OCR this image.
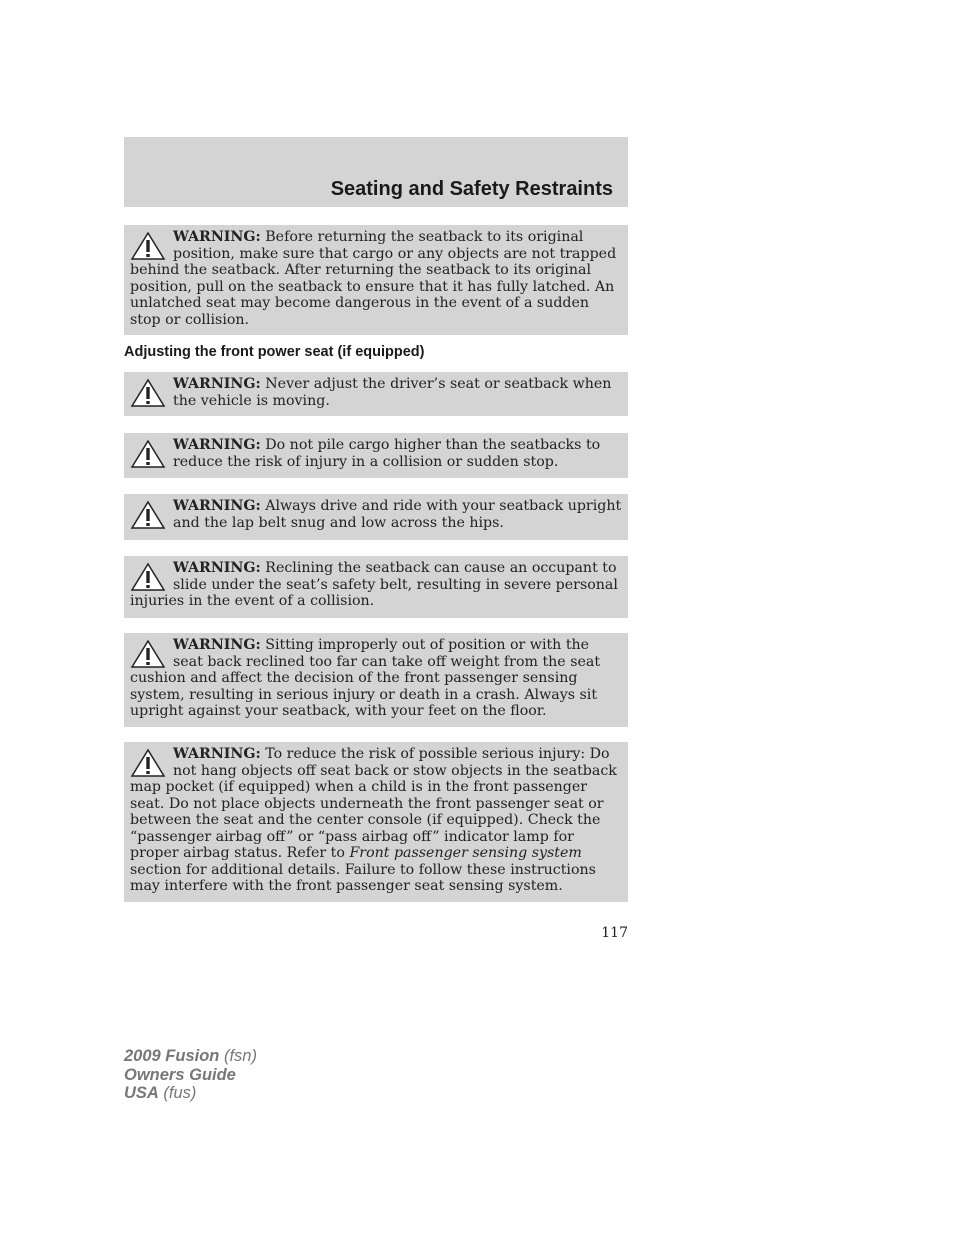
Seating and Safety Restraints
WARNING: Before returning the seatback to its original position, make sure that cargo or any objects are not trapped behind the seatback. After returning the seatback to its original position, pull on the seatback to ensure that it has fully latched. An unlatched seat may become dangerous in the event of a sudden stop or collision.
Adjusting the front power seat (if equipped)
WARNING: Never adjust the driver’s seat or seatback when the vehicle is moving.
WARNING: Do not pile cargo higher than the seatbacks to reduce the risk of injury in a collision or sudden stop.
WARNING: Always drive and ride with your seatback upright and the lap belt snug and low across the hips.
WARNING: Reclining the seatback can cause an occupant to slide under the seat’s safety belt, resulting in severe personal injuries in the event of a collision.
WARNING: Sitting improperly out of position or with the seat back reclined too far can take off weight from the seat cushion and affect the decision of the front passenger sensing system, resulting in serious injury or death in a crash. Always sit upright against your seatback, with your feet on the floor.
WARNING: To reduce the risk of possible serious injury: Do not hang objects off seat back or stow objects in the seatback map pocket (if equipped) when a child is in the front passenger seat. Do not place objects underneath the front passenger seat or between the seat and the center console (if equipped). Check the “passenger airbag off” or “pass airbag off” indicator lamp for proper airbag status. Refer to Front passenger sensing system section for additional details. Failure to follow these instructions may interfere with the front passenger seat sensing system.
117
2009 Fusion (fsn)
Owners Guide
USA (fus)
